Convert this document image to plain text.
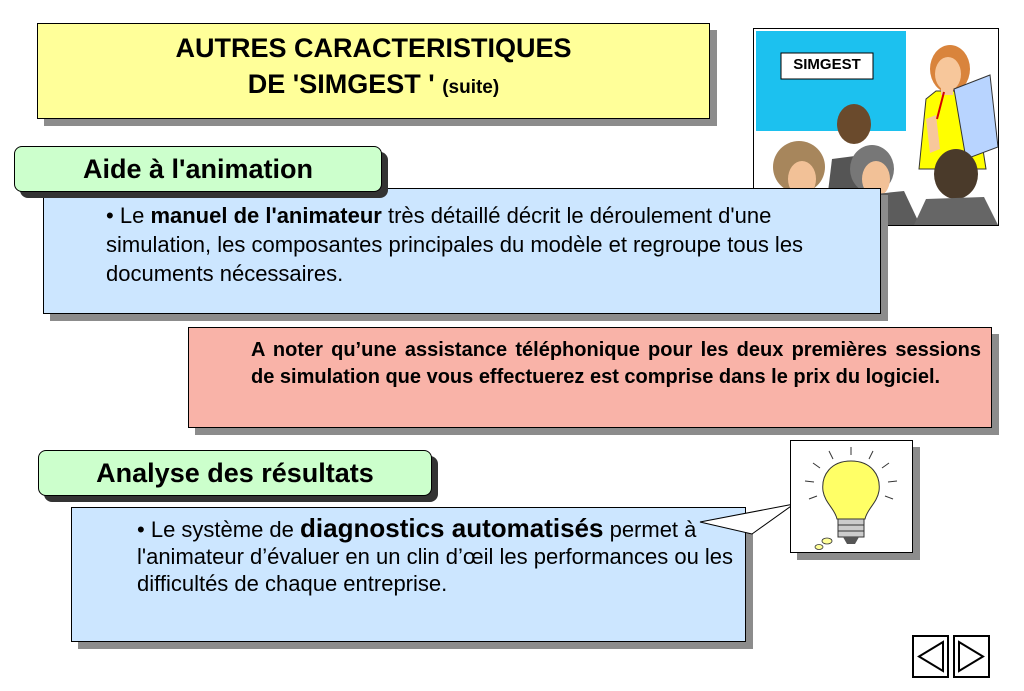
AUTRES CARACTERISTIQUES
DE 'SIMGEST ' (suite)
SIMGEST
• Le manuel de l'animateur très détaillé décrit le déroulement d'une simulation, les composantes principales du modèle et regroupe tous les documents nécessaires.
Aide à l'animation
A noter qu’une assistance téléphonique pour les deux premières sessions de simulation que vous effectuerez est comprise dans le prix du logiciel.
• Le système de diagnostics automatisés permet à l'animateur d’évaluer en un clin d’œil les performances ou les difficultés de chaque entreprise.
Analyse des résultats
